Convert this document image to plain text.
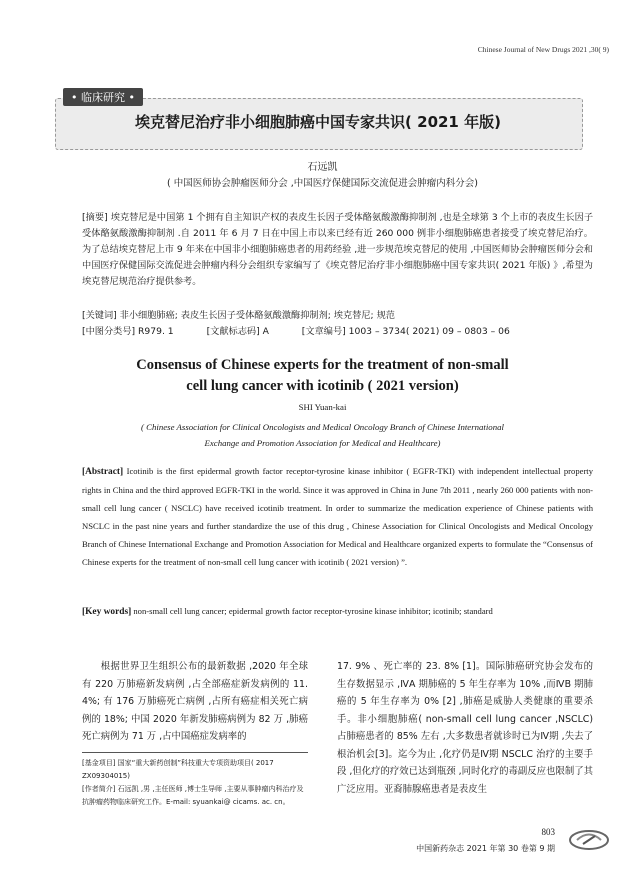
Chinese Journal of New Drugs 2021 ,30( 9)
• 临床研究 •
埃克替尼治疗非小细胞肺癌中国专家共识( 2021 年版)
石远凯
( 中国医师协会肿瘤医师分会 ,中国医疗保健国际交流促进会肿瘤内科分会)
[摘要] 埃克替尼是中国第 1 个拥有自主知识产权的表皮生长因子受体酪氨酸激酶抑制剂 ,也是全球第 3 个上市的表皮生长因子受体酪氨酸激酶抑制剂 .自 2011 年 6 月 7 日在中国上市以来已经有近 260 000 例非小细胞肺癌患者接受了埃克替尼治疗。为了总结埃克替尼上市 9 年来在中国非小细胞肺癌患者的用药经验 ,进一步规范埃克替尼的使用 ,中国医师协会肿瘤医师分会和中国医疗保健国际交流促进会肿瘤内科分会组织专家编写了《埃克替尼治疗非小细胞肺癌中国专家共识( 2021 年版) 》,希望为埃克替尼规范治疗提供参考。
[关键词] 非小细胞肺癌; 表皮生长因子受体酪氨酸激酶抑制剂; 埃克替尼; 规范
[中图分类号] R979. 1	[文献标志码] A	[文章编号] 1003 – 3734( 2021) 09 – 0803 – 06
Consensus of Chinese experts for the treatment of non-small
cell lung cancer with icotinib ( 2021 version)
SHI Yuan-kai
( Chinese Association for Clinical Oncologists and Medical Oncology Branch of Chinese International
Exchange and Promotion Association for Medical and Healthcare)
[Abstract] Icotinib is the first epidermal growth factor receptor-tyrosine kinase inhibitor ( EGFR-TKI) with independent intellectual property rights in China and the third approved EGFR-TKI in the world. Since it was approved in China in June 7th 2011 , nearly 260 000 patients with non-small cell lung cancer ( NSCLC) have received icotinib treatment. In order to summarize the medication experience of Chinese patients with NSCLC in the past nine years and further standardize the use of this drug , Chinese Association for Clinical Oncologists and Medical Oncology Branch of Chinese International Exchange and Promotion Association for Medical and Healthcare organized experts to formulate the “Consensus of Chinese experts for the treatment of non-small cell lung cancer with icotinib ( 2021 version) ”.
[Key words] non-small cell lung cancer; epidermal growth factor receptor-tyrosine kinase inhibitor; icotinib; standard
根据世界卫生组织公布的最新数据 ,2020 年全球有 220 万肺癌新发病例 ,占全部癌症新发病例的 11. 4%; 有 176 万肺癌死亡病例 ,占所有癌症相关死亡病例的 18%; 中国 2020 年新发肺癌病例为 82 万 ,肺癌死亡病例为 71 万 ,占中国癌症发病率的
[基金项目] 国家“重大新药创制”科技重大专项资助项目( 2017 ZX09304015)
[作者简介] 石远凯 ,男 ,主任医师 ,博士生导师 ,主要从事肿瘤内科治疗及抗肿瘤药物临床研究工作。E-mail: syuankai@ cicams. ac. cn。
17. 9% 、死亡率的 23. 8% [1]。国际肺癌研究协会发布的生存数据显示 ,ⅣA 期肺癌的 5 年生存率为 10% ,而ⅣB 期肺癌的 5 年生存率为 0% [2] ,肺癌是威胁人类健康的重要杀手。非小细胞肺癌( non-small cell lung cancer ,NSCLC) 占肺癌患者的 85% 左右 ,大多数患者就诊时已为Ⅳ期 ,失去了根治机会[3]。迄今为止 ,化疗仍是Ⅳ期 NSCLC 治疗的主要手段 ,但化疗的疗效已达到瓶颈 ,同时化疗的毒副反应也限制了其广泛应用。亚裔肺腺癌患者是表皮生
803
中国新药杂志 2021 年第 30 卷第 9 期
